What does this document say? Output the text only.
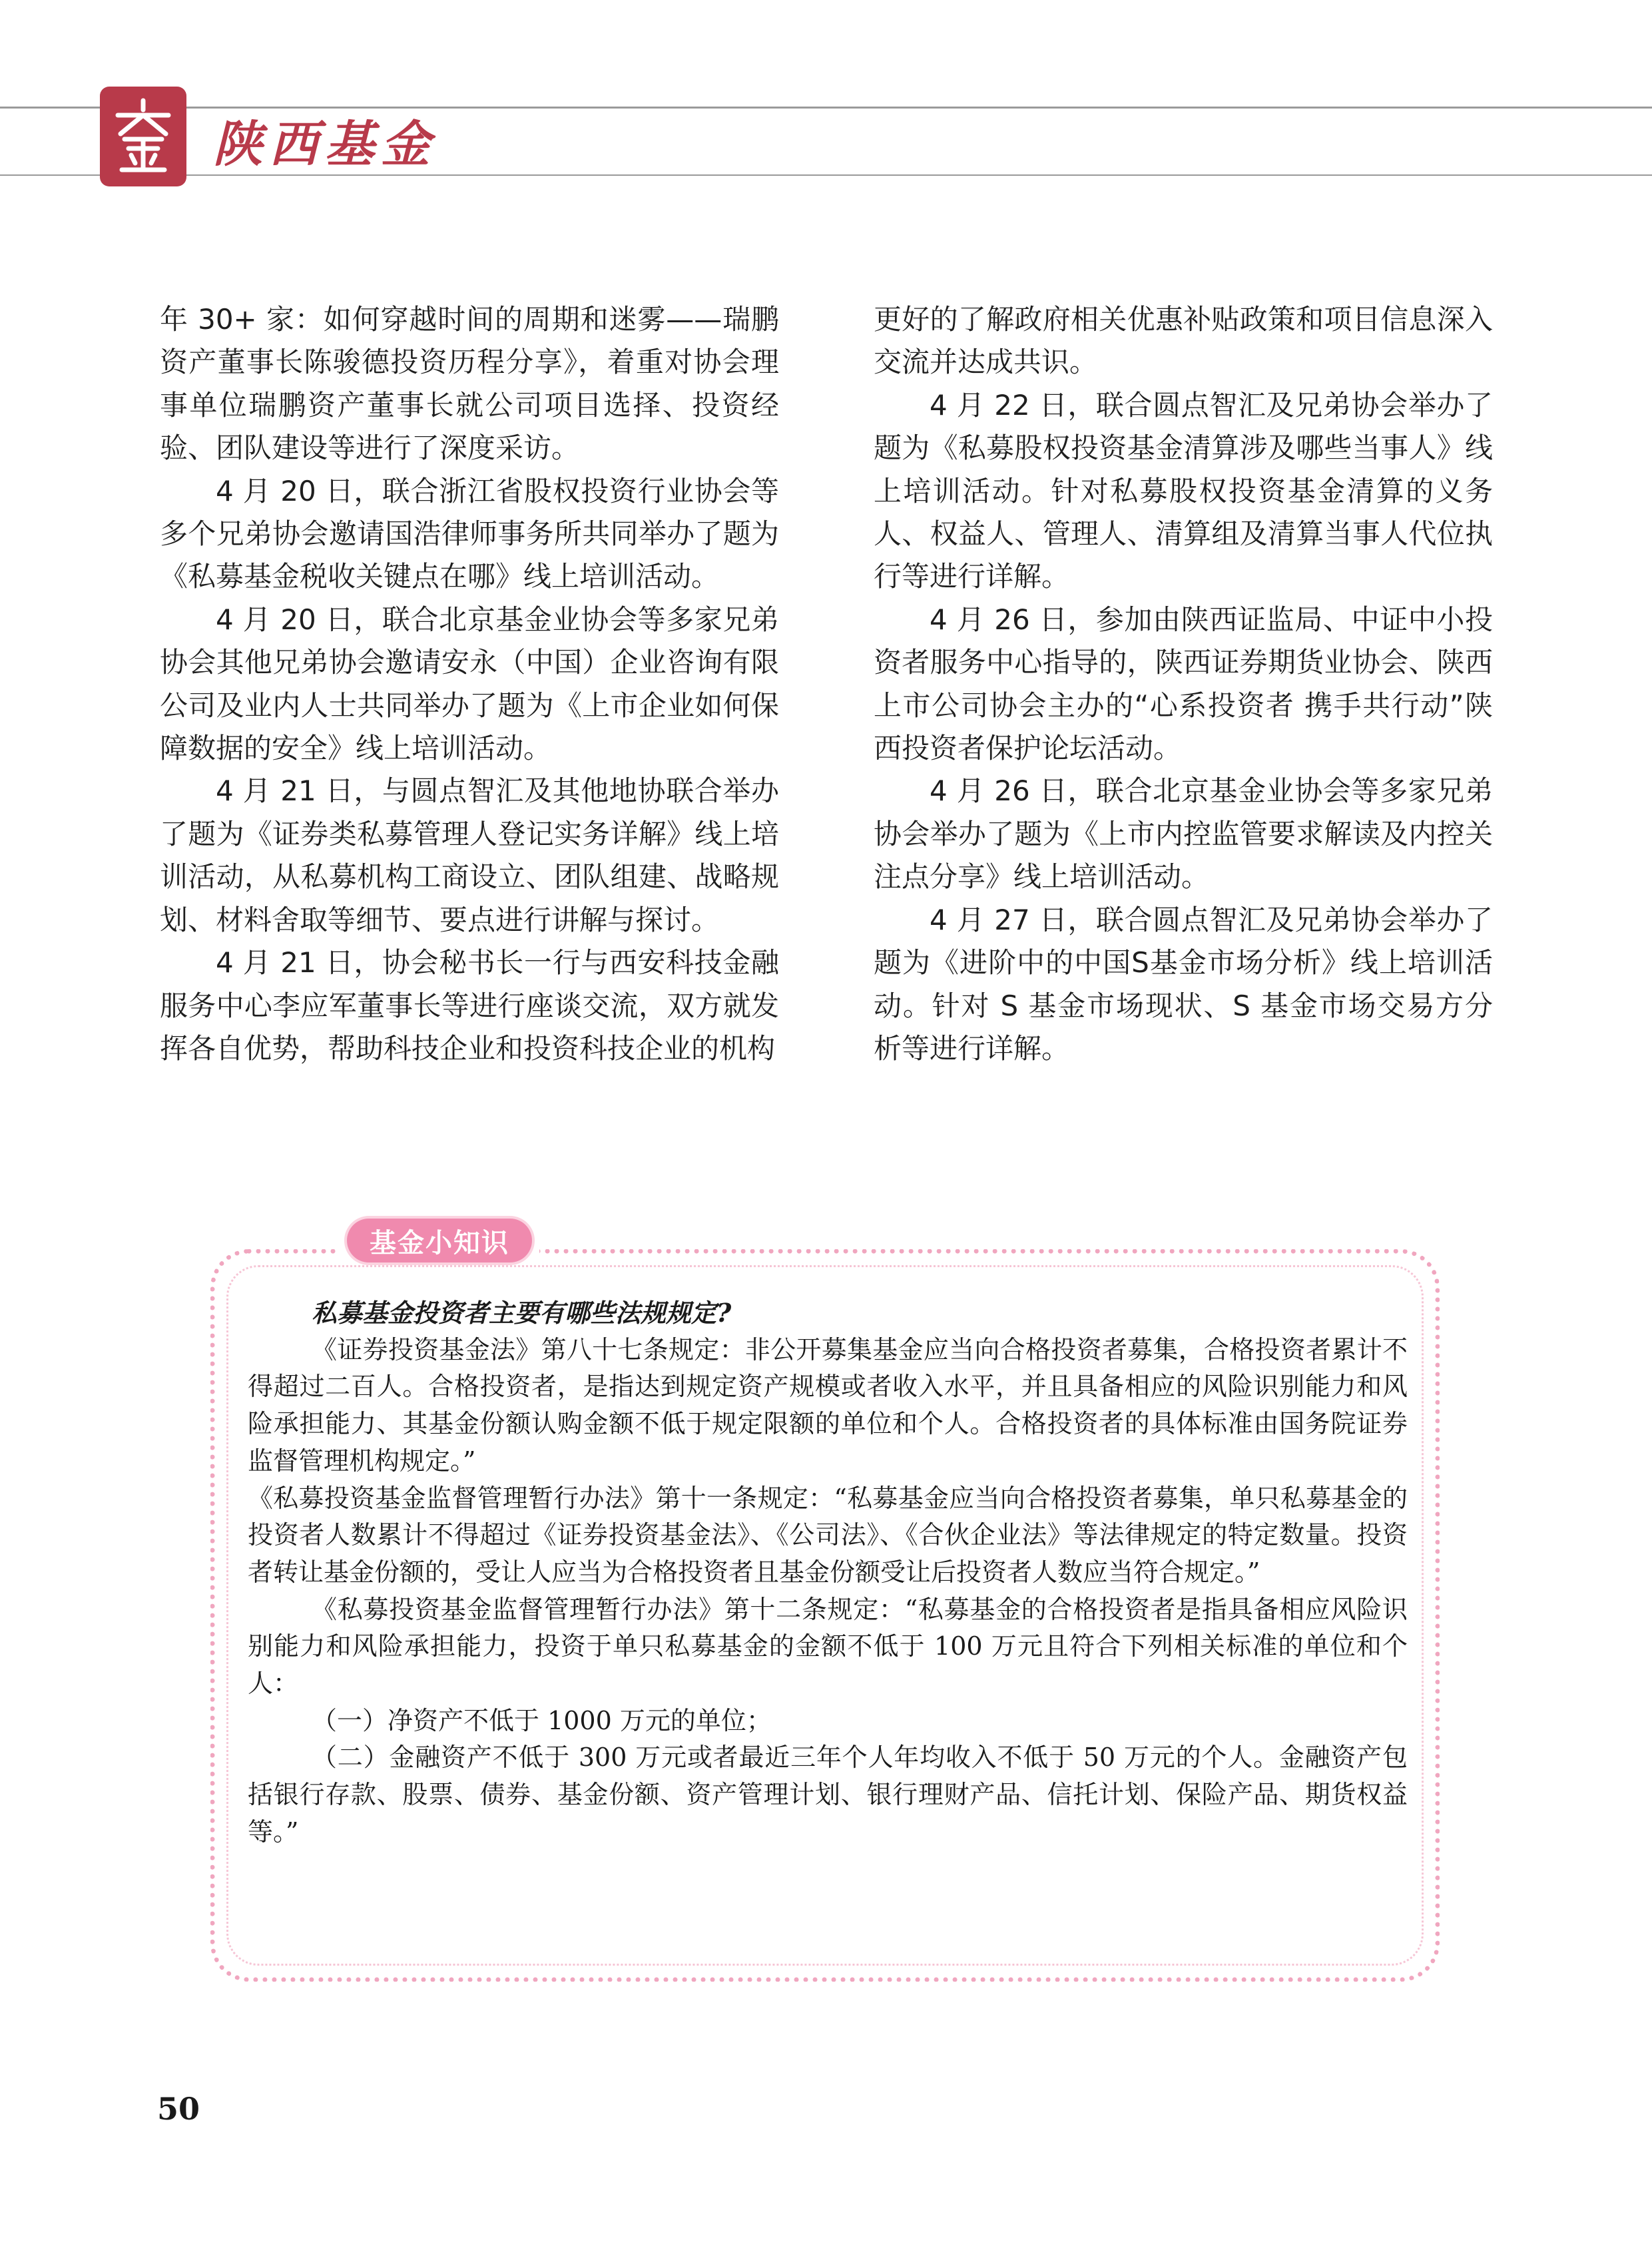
陕西基金

年 30+ 家：如何穿越时间的周期和迷雾——瑞鹏资产董事长陈骏德投资历程分享》，着重对协会理事单位瑞鹏资产董事长就公司项目选择、投资经验、团队建设等进行了深度采访。

4 月 20 日，联合浙江省股权投资行业协会等多个兄弟协会邀请国浩律师事务所共同举办了题为《私募基金税收关键点在哪》线上培训活动。

4 月 20 日，联合北京基金业协会等多家兄弟协会其他兄弟协会邀请安永（中国）企业咨询有限公司及业内人士共同举办了题为《上市企业如何保障数据的安全》线上培训活动。

4 月 21 日，与圆点智汇及其他地协联合举办了题为《证券类私募管理人登记实务详解》线上培训活动，从私募机构工商设立、团队组建、战略规划、材料舍取等细节、要点进行讲解与探讨。

4 月 21 日，协会秘书长一行与西安科技金融服务中心李应军董事长等进行座谈交流，双方就发挥各自优势，帮助科技企业和投资科技企业的机构

更好的了解政府相关优惠补贴政策和项目信息深入交流并达成共识。

4 月 22 日，联合圆点智汇及兄弟协会举办了题为《私募股权投资基金清算涉及哪些当事人》线上培训活动。针对私募股权投资基金清算的义务人、权益人、管理人、清算组及清算当事人代位执行等进行详解。

4 月 26 日，参加由陕西证监局、中证中小投资者服务中心指导的，陕西证券期货业协会、陕西上市公司协会主办的“心系投资者 携手共行动”陕西投资者保护论坛活动。

4 月 26 日，联合北京基金业协会等多家兄弟协会举办了题为《上市内控监管要求解读及内控关注点分享》线上培训活动。

4 月 27 日，联合圆点智汇及兄弟协会举办了题为《进阶中的中国S基金市场分析》线上培训活动。针对 S 基金市场现状、S 基金市场交易方分析等进行详解。

基金小知识

私募基金投资者主要有哪些法规规定?

《证券投资基金法》第八十七条规定：非公开募集基金应当向合格投资者募集，合格投资者累计不得超过二百人。合格投资者，是指达到规定资产规模或者收入水平，并且具备相应的风险识别能力和风险承担能力、其基金份额认购金额不低于规定限额的单位和个人。合格投资者的具体标准由国务院证券监督管理机构规定。”

《私募投资基金监督管理暂行办法》第十一条规定：“私募基金应当向合格投资者募集，单只私募基金的投资者人数累计不得超过《证券投资基金法》、《公司法》、《合伙企业法》等法律规定的特定数量。投资者转让基金份额的，受让人应当为合格投资者且基金份额受让后投资者人数应当符合规定。”

《私募投资基金监督管理暂行办法》第十二条规定：“私募基金的合格投资者是指具备相应风险识别能力和风险承担能力，投资于单只私募基金的金额不低于 100 万元且符合下列相关标准的单位和个人：

（一）净资产不低于 1000 万元的单位；

（二）金融资产不低于 300 万元或者最近三年个人年均收入不低于 50 万元的个人。金融资产包括银行存款、股票、债券、基金份额、资产管理计划、银行理财产品、信托计划、保险产品、期货权益等。”

50
